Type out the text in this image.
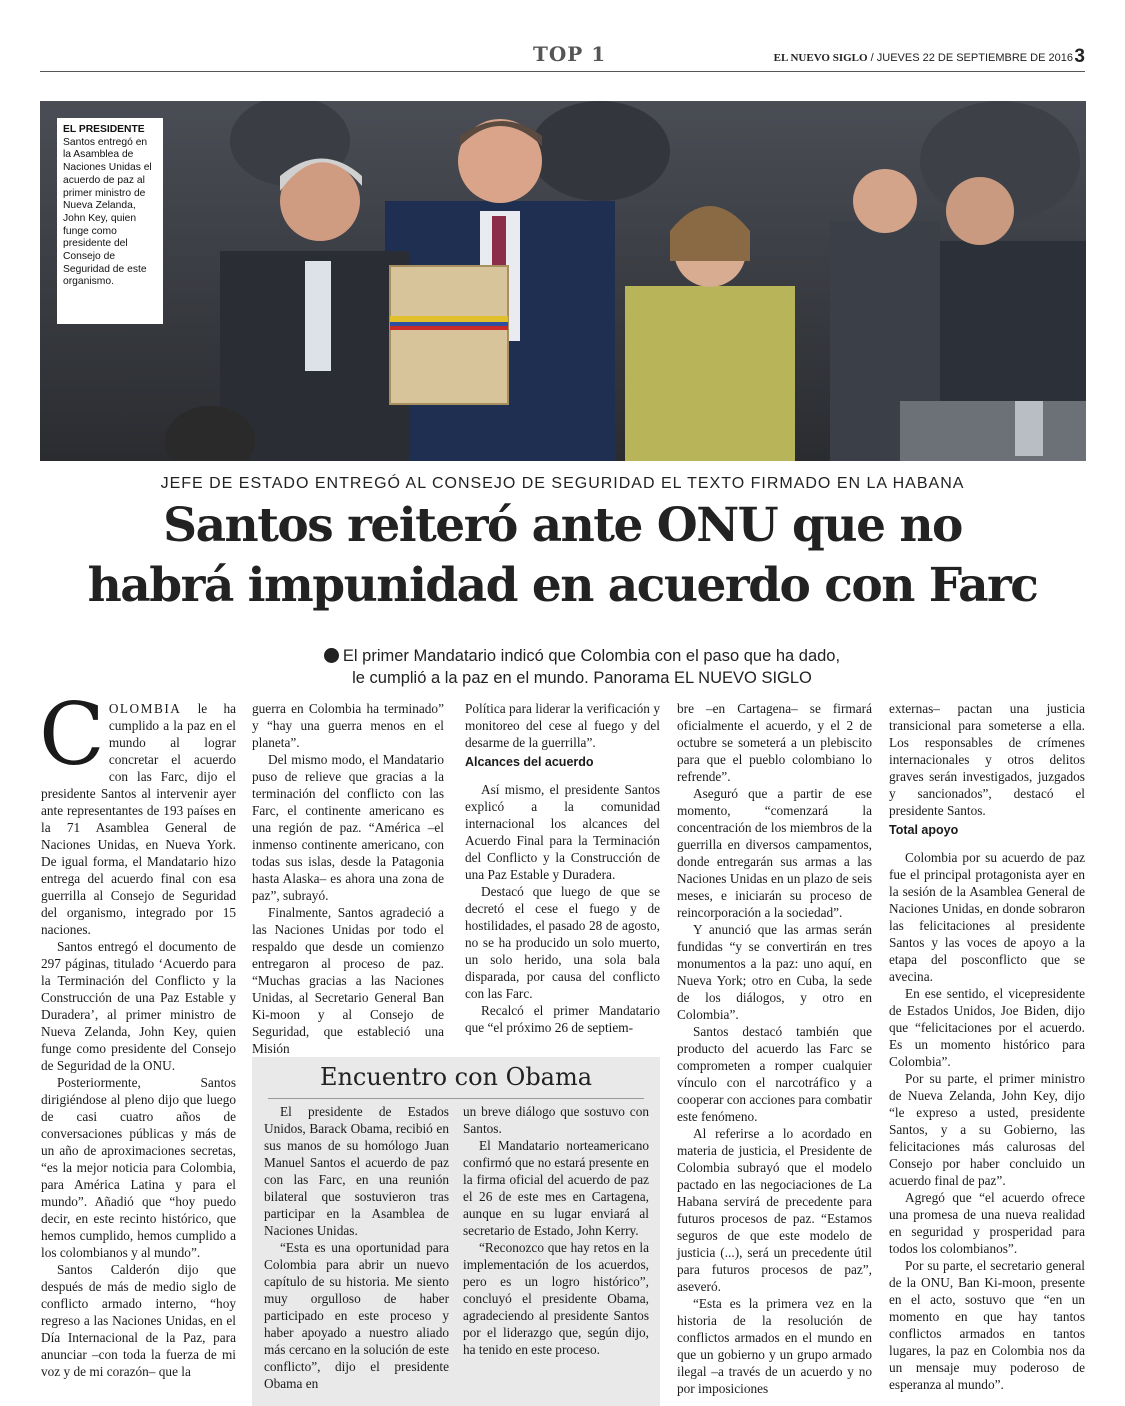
TOP 1	EL NUEVO SIGLO / JUEVES 22 DE SEPTIEMBRE DE 2016 3
EL PRESIDENTE
Santos entregó en la Asamblea de Naciones Unidas el acuerdo de paz al primer ministro de Nueva Zelanda, John Key, quien funge como presidente del Consejo de Seguridad de este organismo.
JEFE DE ESTADO ENTREGÓ AL CONSEJO DE SEGURIDAD EL TEXTO FIRMADO EN LA HABANA
Santos reiteró ante ONU que no
habrá impunidad en acuerdo con Farc
El primer Mandatario indicó que Colombia con el paso que ha dado,
le cumplió a la paz en el mundo. Panorama EL NUEVO SIGLO

COLOMBIA le ha cumplido a la paz en el mundo al lograr concretar el acuerdo con las Farc, dijo el presidente Santos al intervenir ayer ante representantes de 193 países en la 71 Asamblea General de Naciones Unidas, en Nueva York. De igual forma, el Mandatario hizo entrega del acuerdo final con esa guerrilla al Consejo de Seguridad del organismo, integrado por 15 naciones.

Santos entregó el documento de 297 páginas, titulado ‘Acuerdo para la Terminación del Conflicto y la Construcción de una Paz Estable y Duradera’, al primer ministro de Nueva Zelanda, John Key, quien funge como presidente del Consejo de Seguridad de la ONU.

Posteriormente, Santos dirigiéndose al pleno dijo que luego de casi cuatro años de conversaciones públicas y más de un año de aproximaciones secretas, “es la mejor noticia para Colombia, para América Latina y para el mundo”. Añadió que “hoy puedo decir, en este recinto histórico, que hemos cumplido, hemos cumplido a los colombianos y al mundo”.

Santos Calderón dijo que después de más de medio siglo de conflicto armado interno, “hoy regreso a las Naciones Unidas, en el Día Internacional de la Paz, para anunciar –con toda la fuerza de mi voz y de mi corazón– que la

guerra en Colombia ha terminado” y “hay una guerra menos en el planeta”.

Del mismo modo, el Mandatario puso de relieve que gracias a la terminación del conflicto con las Farc, el continente americano es una región de paz. “América –el inmenso continente americano, con todas sus islas, desde la Patagonia hasta Alaska– es ahora una zona de paz”, subrayó.

Finalmente, Santos agradeció a las Naciones Unidas por todo el respaldo que desde un comienzo entregaron al proceso de paz. “Muchas gracias a las Naciones Unidas, al Secretario General Ban Ki-moon y al Consejo de Seguridad, que estableció una Misión

Política para liderar la verificación y monitoreo del cese al fuego y del desarme de la guerrilla”.

Alcances del acuerdo

Así mismo, el presidente Santos explicó a la comunidad internacional los alcances del Acuerdo Final para la Terminación del Conflicto y la Construcción de una Paz Estable y Duradera.

Destacó que luego de que se decretó el cese el fuego y de hostilidades, el pasado 28 de agosto, no se ha producido un solo muerto, un solo herido, una sola bala disparada, por causa del conflicto con las Farc.

Recalcó el primer Mandatario que “el próximo 26 de septiem-

bre –en Cartagena– se firmará oficialmente el acuerdo, y el 2 de octubre se someterá a un plebiscito para que el pueblo colombiano lo refrende”.

Aseguró que a partir de ese momento, “comenzará la concentración de los miembros de la guerrilla en diversos campamentos, donde entregarán sus armas a las Naciones Unidas en un plazo de seis meses, e iniciarán su proceso de reincorporación a la sociedad”.

Y anunció que las armas serán fundidas “y se convertirán en tres monumentos a la paz: uno aquí, en Nueva York; otro en Cuba, la sede de los diálogos, y otro en Colombia”.

Santos destacó también que producto del acuerdo las Farc se comprometen a romper cualquier vínculo con el narcotráfico y a cooperar con acciones para combatir este fenómeno.

Al referirse a lo acordado en materia de justicia, el Presidente de Colombia subrayó que el modelo pactado en las negociaciones de La Habana servirá de precedente para futuros procesos de paz. “Estamos seguros de que este modelo de justicia (...), será un precedente útil para futuros procesos de paz”, aseveró.

“Esta es la primera vez en la historia de la resolución de conflictos armados en el mundo en que un gobierno y un grupo armado ilegal –a través de un acuerdo y no por imposiciones

externas– pactan una justicia transicional para someterse a ella. Los responsables de crímenes internacionales y otros delitos graves serán investigados, juzgados y sancionados”, destacó el presidente Santos.

Total apoyo

Colombia por su acuerdo de paz fue el principal protagonista ayer en la sesión de la Asamblea General de Naciones Unidas, en donde sobraron las felicitaciones al presidente Santos y las voces de apoyo a la etapa del posconflicto que se avecina.

En ese sentido, el vicepresidente de Estados Unidos, Joe Biden, dijo que “felicitaciones por el acuerdo. Es un momento histórico para Colombia”.

Por su parte, el primer ministro de Nueva Zelanda, John Key, dijo “le expreso a usted, presidente Santos, y a su Gobierno, las felicitaciones más calurosas del Consejo por haber concluido un acuerdo final de paz”.

Agregó que “el acuerdo ofrece una promesa de una nueva realidad en seguridad y prosperidad para todos los colombianos”.

Por su parte, el secretario general de la ONU, Ban Ki-moon, presente en el acto, sostuvo que “en un momento en que hay tantos conflictos armados en tantos lugares, la paz en Colombia nos da un mensaje muy poderoso de esperanza al mundo”.

Encuentro con Obama

El presidente de Estados Unidos, Barack Obama, recibió en sus manos de su homólogo Juan Manuel Santos el acuerdo de paz con las Farc, en una reunión bilateral que sostuvieron tras participar en la Asamblea de Naciones Unidas.

“Esta es una oportunidad para Colombia para abrir un nuevo capítulo de su historia. Me siento muy orgulloso de haber participado en este proceso y haber apoyado a nuestro aliado más cercano en la solución de este conflicto”, dijo el presidente Obama en

un breve diálogo que sostuvo con Santos.

El Mandatario norteamericano confirmó que no estará presente en la firma oficial del acuerdo de paz el 26 de este mes en Cartagena, aunque en su lugar enviará al secretario de Estado, John Kerry.

“Reconozco que hay retos en la implementación de los acuerdos, pero es un logro histórico”, concluyó el presidente Obama, agradeciendo al presidente Santos por el liderazgo que, según dijo, ha tenido en este proceso.
